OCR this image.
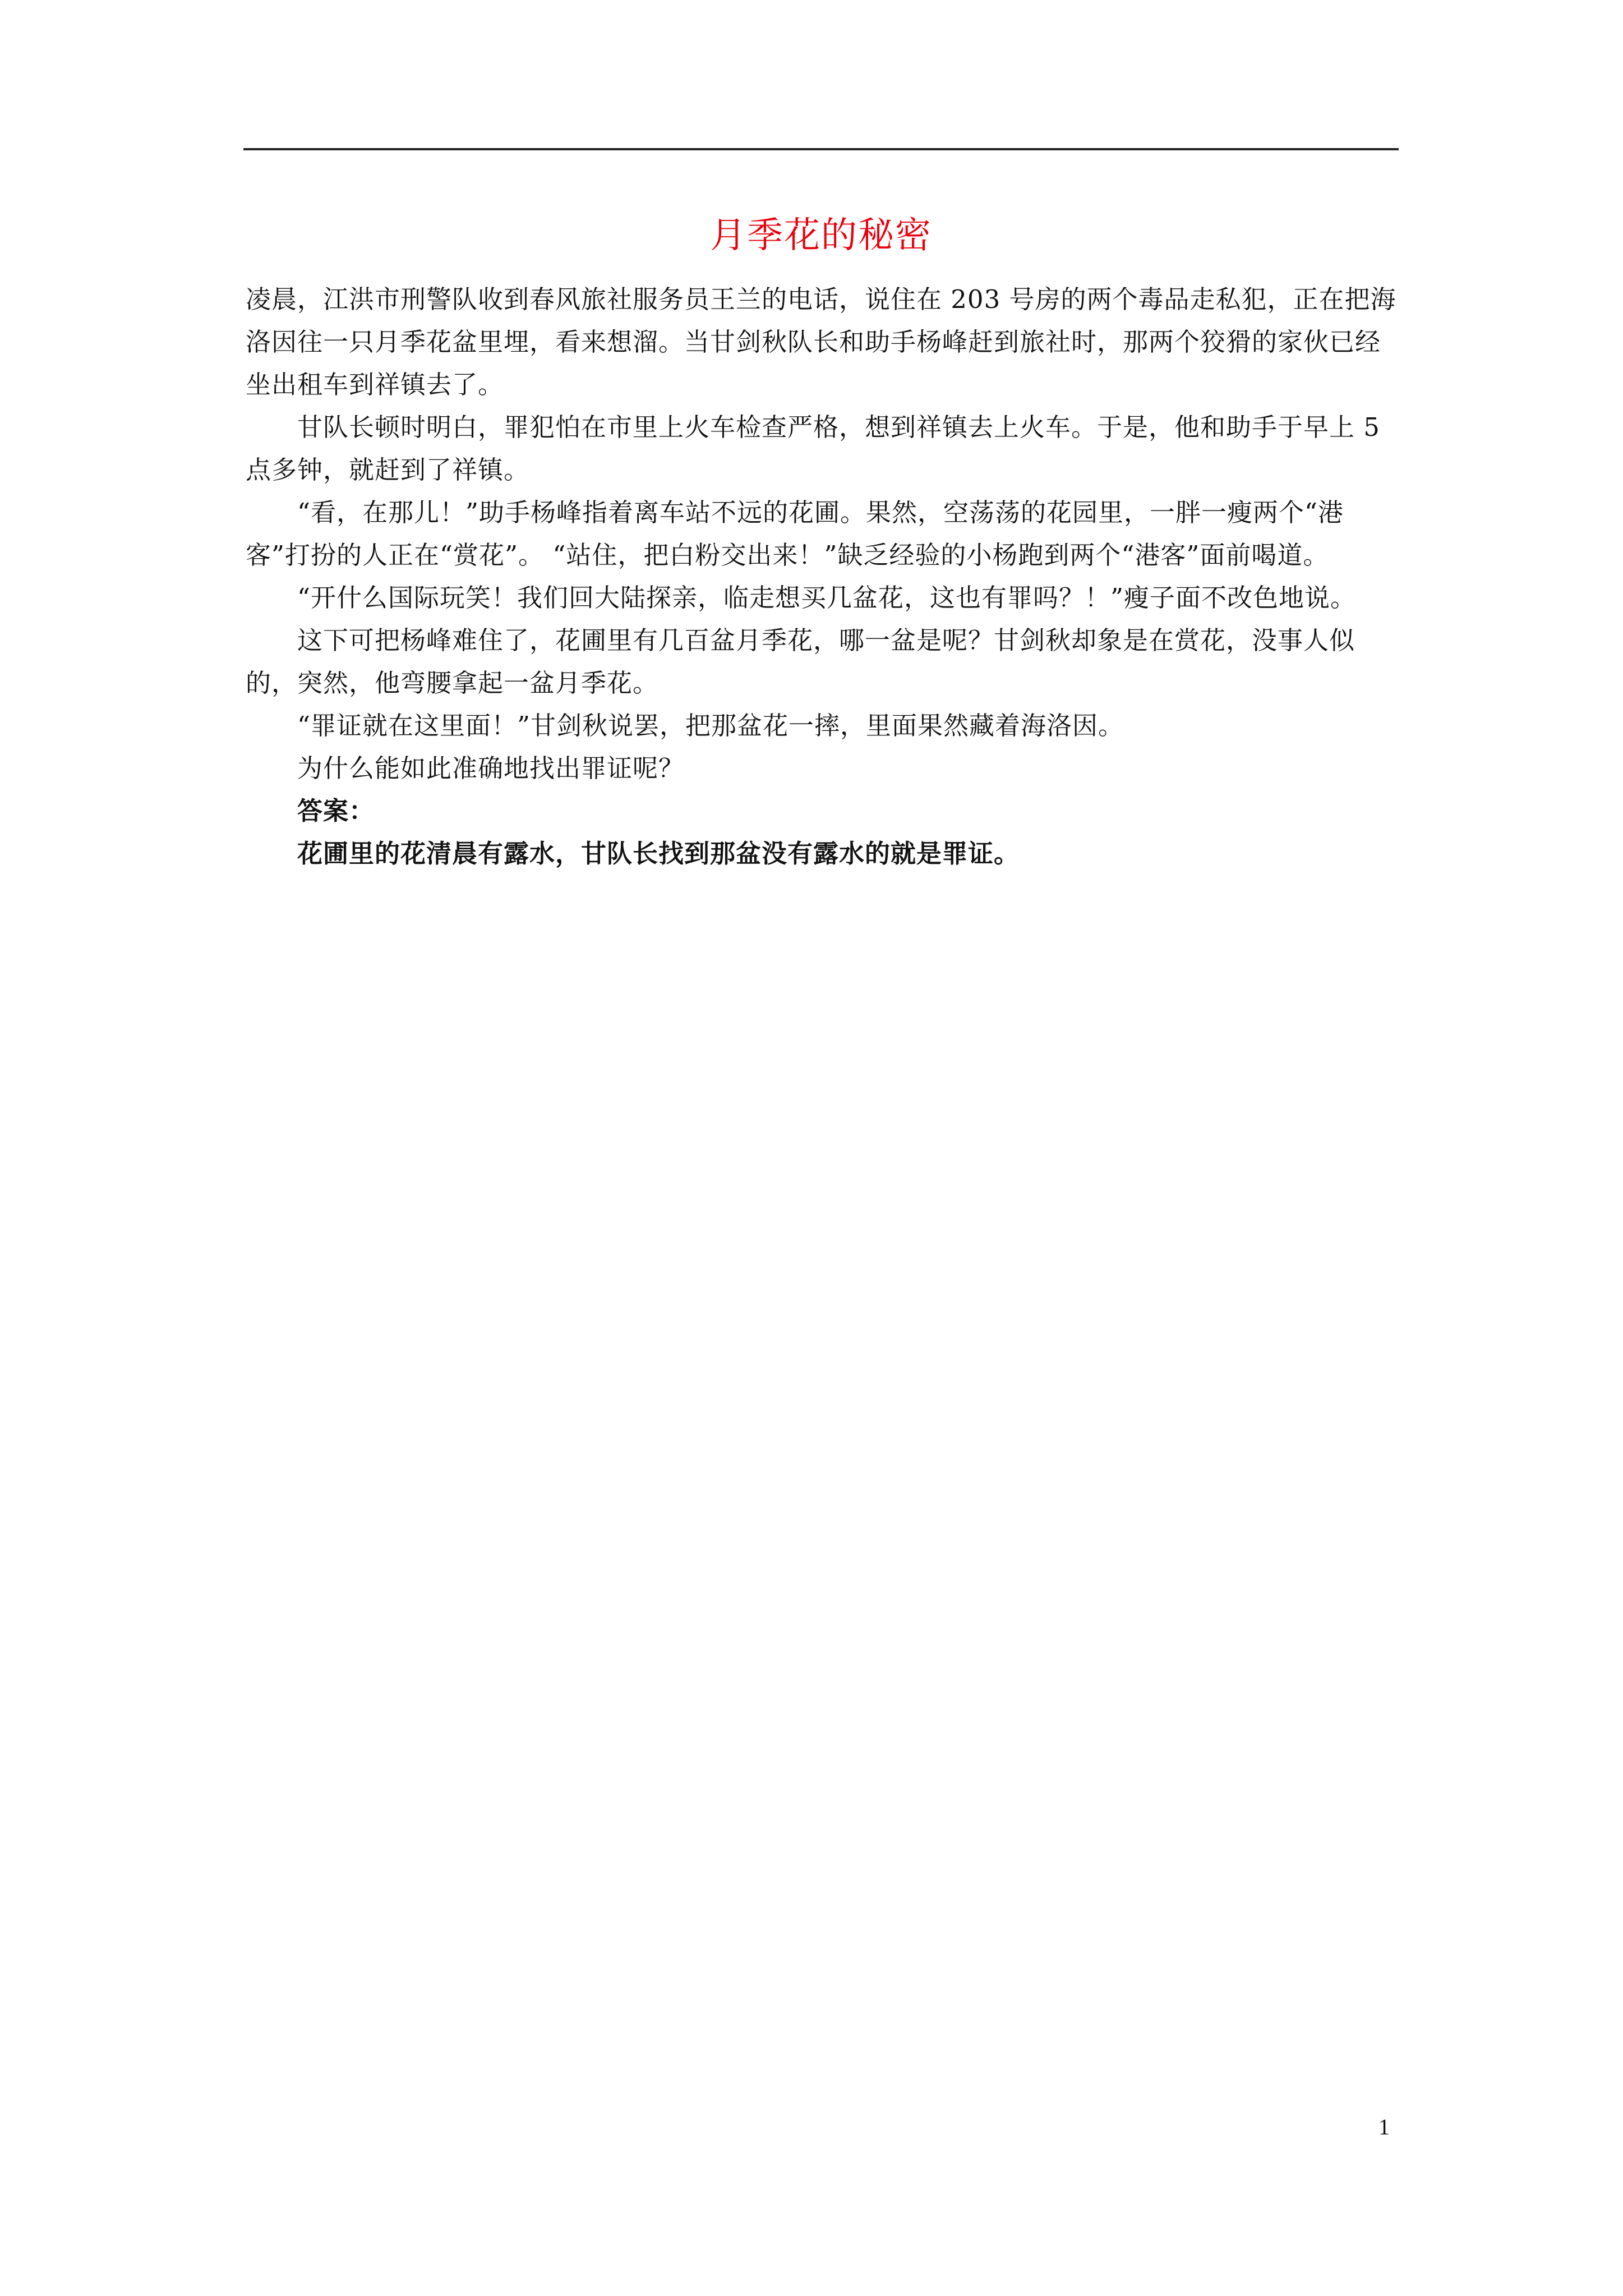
月季花的秘密

凌晨，江洪市刑警队收到春风旅社服务员王兰的电话，说住在 203 号房的两个毒品走私犯，正在把海洛因往一只月季花盆里埋，看来想溜。当甘剑秋队长和助手杨峰赶到旅社时，那两个狡猾的家伙已经坐出租车到祥镇去了。

甘队长顿时明白，罪犯怕在市里上火车检查严格，想到祥镇去上火车。于是，他和助手于早上 5 点多钟，就赶到了祥镇。

“看，在那儿！”助手杨峰指着离车站不远的花圃。果然，空荡荡的花园里，一胖一瘦两个“港客”打扮的人正在“赏花”。 “站住，把白粉交出来！”缺乏经验的小杨跑到两个“港客”面前喝道。

“开什么国际玩笑！我们回大陆探亲，临走想买几盆花，这也有罪吗？！”瘦子面不改色地说。

这下可把杨峰难住了，花圃里有几百盆月季花，哪一盆是呢？甘剑秋却象是在赏花，没事人似的，突然，他弯腰拿起一盆月季花。

“罪证就在这里面！”甘剑秋说罢，把那盆花一摔，里面果然藏着海洛因。

为什么能如此准确地找出罪证呢？

答案：

花圃里的花清晨有露水，甘队长找到那盆没有露水的就是罪证。

1
